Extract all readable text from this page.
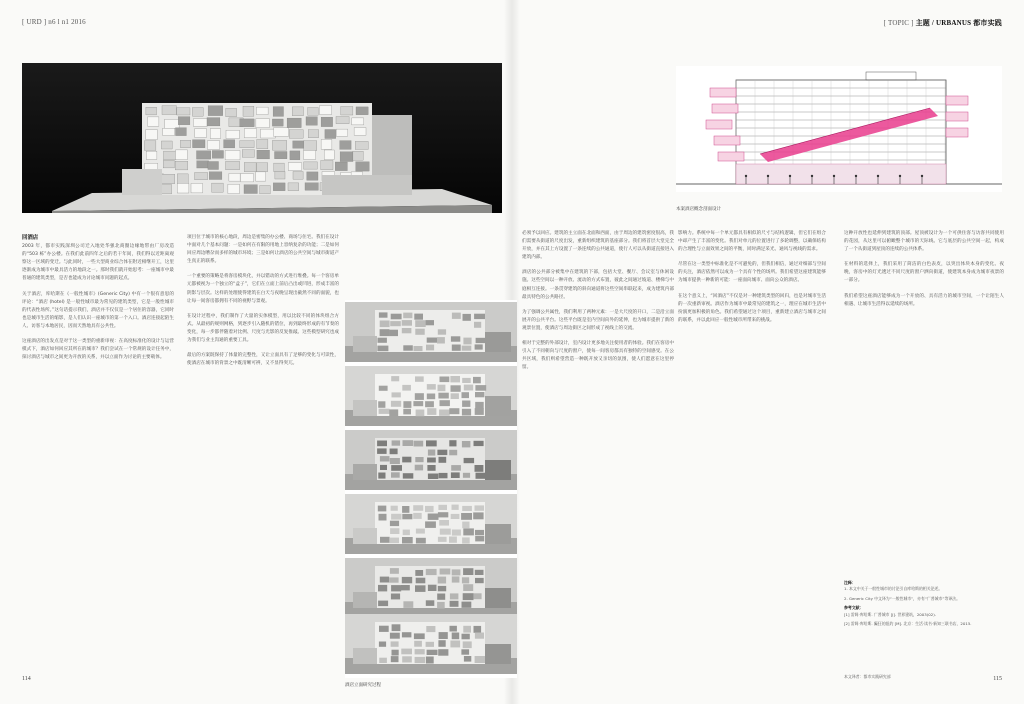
[ URD ] n6 l n1 2016
回酒店

2003 年，都市实践深圳公司迁入地处华强北商圈边缘地带由厂房改造的“503 栋”办公楼。在我们此前四年之后的若干年间，我们得以近距离观察这一区域的变迁。与此同时，一些大型商业综合体在附近相继开工，这里逐渐成为城市中最具活力的地段之一。那时我们就开始思考：一座城市中最普通的建筑类型，是否也能成为讨论城市问题的起点。

关于酒店，库哈斯在《一般性城市》(Generic City) 中有一个很有意思的评论：“酒店 (hotel) 是一般性城市最为常见的建筑类型，它是一般性城市的代表性场所。”这句话提示我们，酒店并不仅仅是一个居住的容器，它同时也是城市生活的缩影，是人们认识一座城市的第一个入口。酒店连接起陌生人、访客与本地居民，因而天然地具有公共性。

这座酒店的出发点是对于这一类型的重新审视：在高度标准化的设计与运营模式下，酒店如何回应其所在的城市？我们尝试在一个常规的设计任务中，探讨酒店与城市之间更为开放的关系，并以立面作为讨论的主要载体。

项目位于城市的核心地段，周边是密集的办公楼、商场与住宅。我们在设计中面对几个基本问题：一是如何在有限的用地上容纳复杂的功能；二是如何回应周边嘈杂而多样的城市环境；三是如何让酒店的公共空间与城市街道产生真正的联系。

一个重要的策略是将客房模块化，并以错动的方式进行堆叠。每一个客房单元都被视为一个独立的“盒子”，它们在立面上前后凸出或凹进，形成丰富的阴影与层次。这样的处理使得建筑在白天与夜晚呈现出截然不同的面貌，也让每一间客房都拥有不同的视野与景观。

在设计过程中，我们制作了大量的实体模型，用以比较不同的体块组合方式。从最初的规则网格，到逐步引入随机的错位，再到最终形成的有节奏的变化，每一步都伴随着对比例、尺度与光影的反复推敲。这些模型研究也成为我们与业主沟通的重要工具。

最后的方案既保持了体量的完整性，又让立面具有了足够的变化与可读性，使酒店在城市的背景之中既清晰可辨，又不显得突兀。

114
[ TOPIC ] 主题 / URBANUS 都市实践
115
酒店立面研究过程
本案酒店概念剖面设计

必须予以回应。建筑的主立面在北面和西面，由于周边的建筑密度很高，我们需要从街道的尺度出发，重新组织建筑的基座部分。我们将首层大堂完全开放，并在其上方设置了一条连续的公共通道，使行人可以从街道直接进入建筑内部。

酒店的公共部分被集中在建筑的下部，包括大堂、餐厅、会议室与休闲设施。这些空间以一种开放、流动的方式布置，彼此之间通过坡道、楼梯与中庭相互连接。一条贯穿建筑的斜向通道将这些空间串联起来，成为建筑内部最具特色的公共路径。

为了强调公共属性，我们利用了两种元素：一是大尺度的开口，二是沿立面展开的公共平台。这些平台既是室内空间向外的延伸，也为城市提供了新的观景位置，使酒店与周边街区之间形成了视线上的交流。

相对于完整的外部设计，室内设计更多地关注使用者的体验。我们在客房中引入了不同朝向与尺度的窗户，使每一间客房都具有独特的空间感受。在公共区域，我们则希望营造一种既开放又亲切的氛围，使人们愿意在这里停留。

影响力。系统中每一个单元都具有相似的尺寸与结构逻辑，但它们在组合中却产生了丰富的变化。我们对单元的位置进行了多轮调整，以确保结构的合理性与立面效果之间的平衡，同时满足采光、通风与视线的需求。

尽管在这一类型中标准化是不可避免的，但我们相信，通过对细部与空间的关注，酒店依然可以成为一个具有个性的场所。我们希望这座建筑能够为城市提供一种新的可能：一座面向城市、面向公众的酒店。

在这个意义上，“回酒店”不仅是对一种建筑类型的回归，也是对城市生活的一次重新审视。酒店作为城市中最常见的建筑之一，理应在城市生活中扮演更加积极的角色。我们希望通过这个项目，重新建立酒店与城市之间的联系，并以此回应一般性城市所带来的挑战。

这种开放性也延伸到建筑的顶部。屋顶被设计为一个可供住客与访客共同使用的花园，从这里可以俯瞰整个城市的天际线。它与底层的公共空间一起，构成了一个从街道到屋顶的连续的公共体系。

在材料的选择上，我们采用了简洁的白色表皮，以突出体块本身的变化。夜晚，客房中的灯光透过不同尺度的窗户洒向街道，使建筑本身成为城市夜景的一部分。

我们希望这座酒店能够成为一个开放的、具有活力的城市空间，一个让陌生人相遇、让城市生活得以延续的场所。

注释：

1. 本文中关于一般性城市的讨论引自库哈斯的相关论述。

2. Generic City 中文译为“一般性城市”，亦有“广普城市”等译法。

参考文献：

[1] 雷姆·库哈斯. 广普城市 [J]. 世界建筑，2003(02).

[2] 雷姆·库哈斯. 癫狂的纽约 [M]. 北京：生活·读书·新知三联书店，2015.

本文译者：都市实践研究部
